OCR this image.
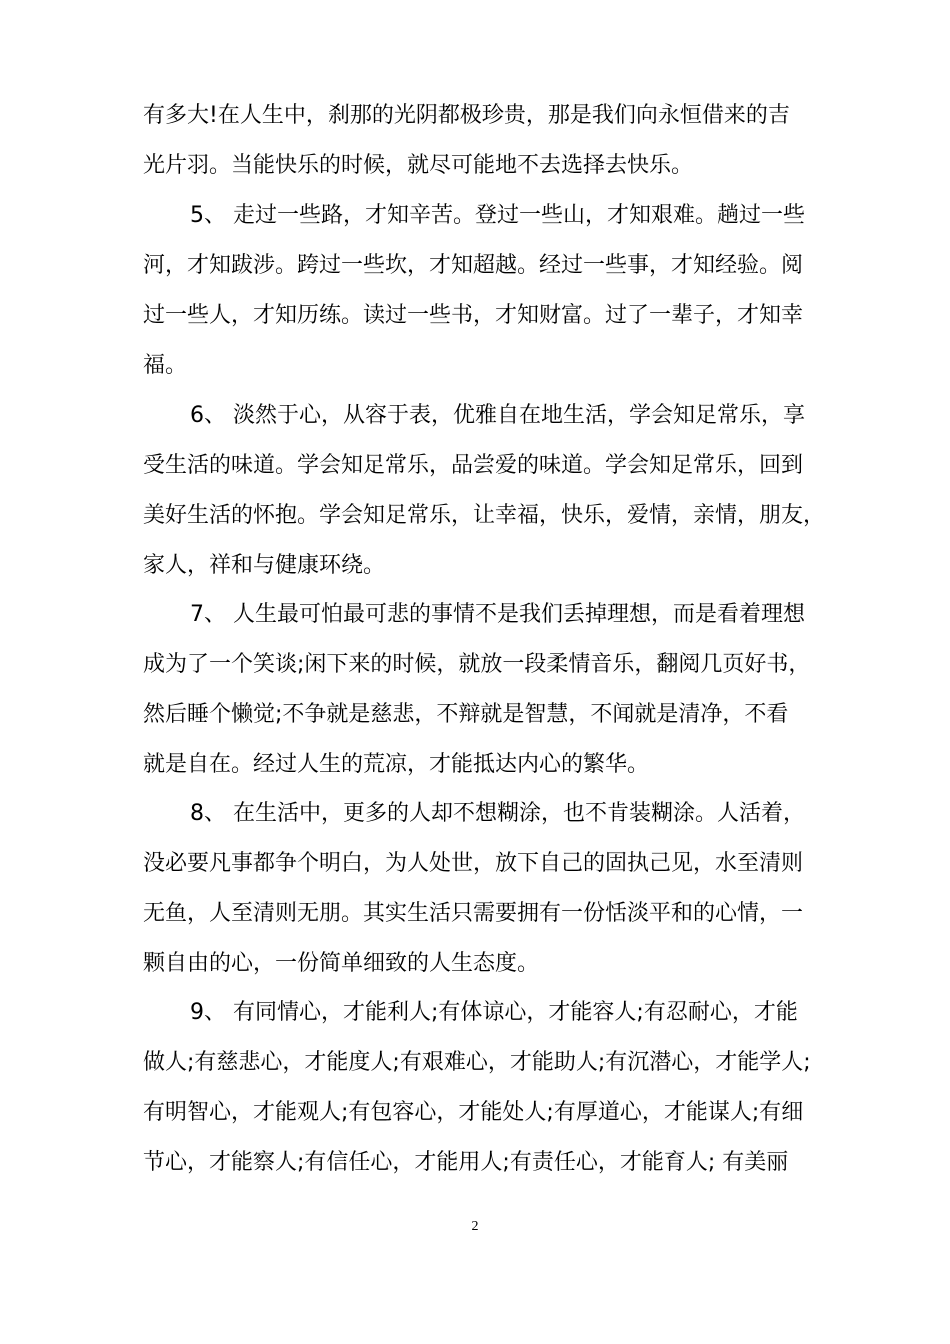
有多大!在人生中，刹那的光阴都极珍贵，那是我们向永恒借来的吉
光片羽。当能快乐的时候，就尽可能地不去选择去快乐。
5、 走过一些路，才知辛苦。登过一些山，才知艰难。趟过一些
河，才知跋涉。跨过一些坎，才知超越。经过一些事，才知经验。阅
过一些人，才知历练。读过一些书，才知财富。过了一辈子，才知幸
福。
6、 淡然于心，从容于表，优雅自在地生活，学会知足常乐，享
受生活的味道。学会知足常乐，品尝爱的味道。学会知足常乐，回到
美好生活的怀抱。学会知足常乐，让幸福，快乐，爱情，亲情，朋友，
家人，祥和与健康环绕。
7、 人生最可怕最可悲的事情不是我们丢掉理想，而是看着理想
成为了一个笑谈;闲下来的时候，就放一段柔情音乐，翻阅几页好书，
然后睡个懒觉;不争就是慈悲，不辩就是智慧，不闻就是清净，不看
就是自在。经过人生的荒凉，才能抵达内心的繁华。
8、 在生活中，更多的人却不想糊涂，也不肯装糊涂。人活着，
没必要凡事都争个明白，为人处世，放下自己的固执己见，水至清则
无鱼，人至清则无朋。其实生活只需要拥有一份恬淡平和的心情，一
颗自由的心，一份简单细致的人生态度。
9、 有同情心，才能利人;有体谅心，才能容人;有忍耐心，才能
做人;有慈悲心，才能度人;有艰难心，才能助人;有沉潜心，才能学人;
有明智心，才能观人;有包容心，才能处人;有厚道心，才能谋人;有细
节心，才能察人;有信任心，才能用人;有责任心，才能育人; 有美丽
2
